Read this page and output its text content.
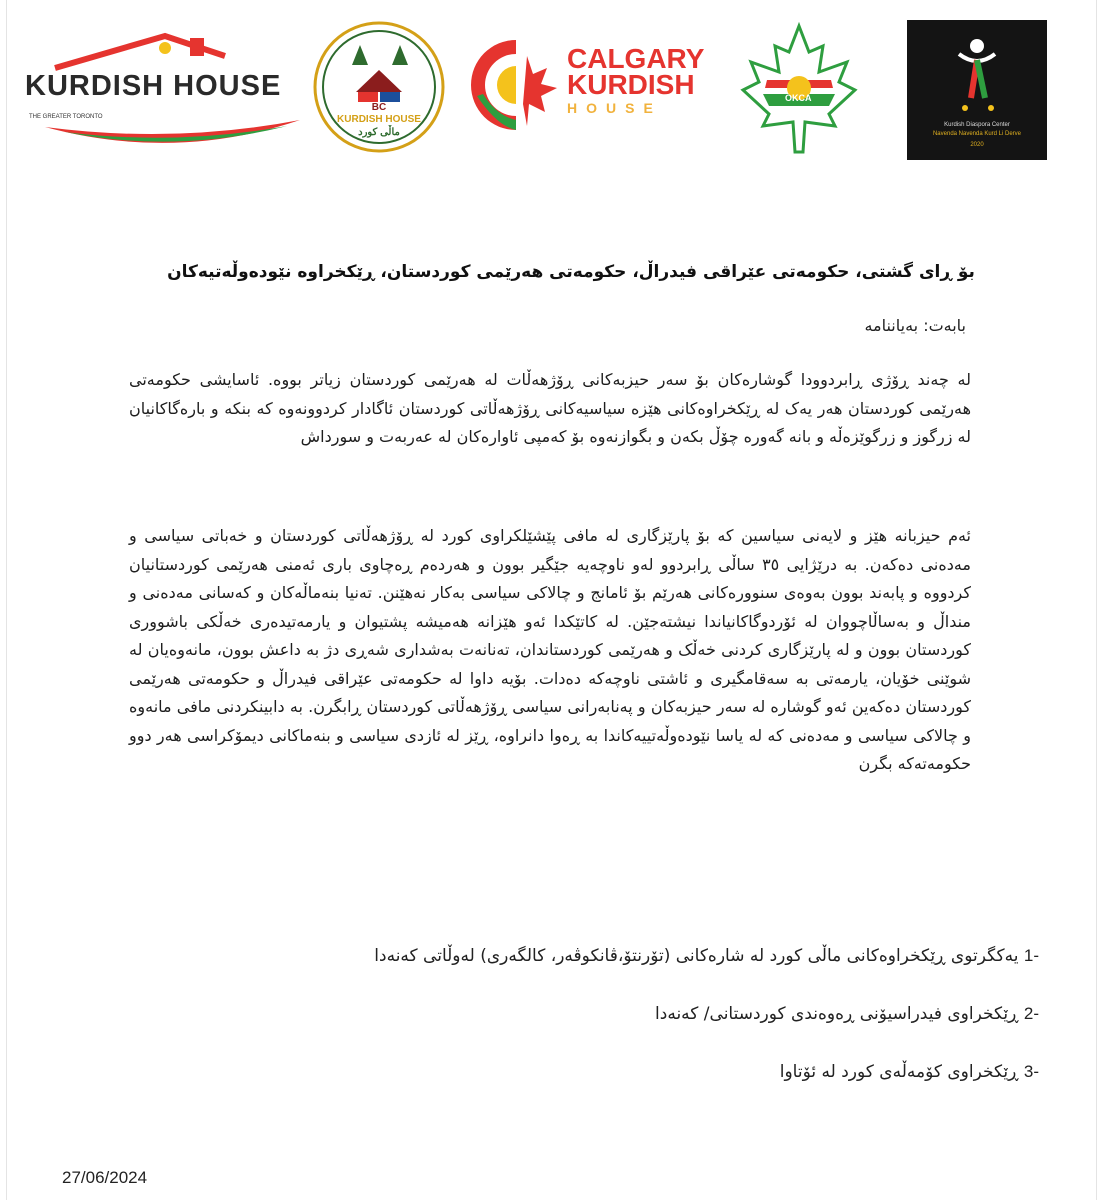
KURDISH HOUSE
THE GREATER TORONTO
BC
KURDISH HOUSE
ماڵی کورد
CALGARY
KURDISH
HOUSE
OKCA
Kurdish Diaspora Center
Navenda Navenda Kurd Li Derve
2020
بۆ ڕای گشتی، حکومەتی عێراقی فیدراڵ، حکومەتی هەرێمی کوردستان، ڕێکخراوە نێودەوڵەتیەکان
بابەت: بەیاننامە
لە چەند ڕۆژی ڕابردوودا گوشارەکان بۆ سەر حیزبەکانی ڕۆژهەڵات لە هەرێمی کوردستان زیاتر بووە. ئاسایشی حکومەتی هەرێمی کوردستان هەر یەک لە ڕێکخراوەکانی هێزە سیاسیەکانی ڕۆژهەڵاتی کوردستان ئاگادار کردوونەوە کە بنکە و بارەگاکانیان لە زرگوز و زرگوێزەڵە و بانە گەورە چۆڵ بکەن و بگوازنەوە بۆ کەمپی ئاوارەکان لە عەربەت و سورداش
ئەم حیزبانە هێز و لایەنی سیاسین کە بۆ پارێزگاری لە مافی پێشێلکراوی کورد لە ڕۆژهەڵاتی کوردستان و خەباتی سیاسی و مەدەنی دەکەن. بە درێژایی ٣٥ ساڵی ڕابردوو لەو ناوچەیە جێگیر بوون و هەردەم ڕەچاوی باری ئەمنی هەرێمی کوردستانیان کردووە و پابەند بوون بەوەی سنوورەکانی هەرێم بۆ ئامانج و چالاکی سیاسی بەکار نەهێنن. تەنیا بنەماڵەکان و کەسانی مەدەنی و منداڵ و بەساڵاچووان لە ئۆردوگاکانیاندا نیشتەجێن. لە کاتێکدا ئەو هێزانە هەمیشە پشتیوان و یارمەتیدەری خەڵکی باشووری کوردستان بوون و لە پارێزگاری کردنی خەڵک و هەرێمی کوردستاندان، تەنانەت بەشداری شەڕی دژ بە داعش بوون، مانەوەیان لە شوێنی خۆیان، یارمەتی بە سەقامگیری و ئاشتی ناوچەکە دەدات. بۆیە داوا لە حکومەتی عێراقی فیدراڵ و حکومەتی هەرێمی کوردستان دەکەین ئەو گوشارە لە سەر حیزبەکان و پەنابەرانی سیاسی ڕۆژهەڵاتی کوردستان ڕابگرن. بە دابینکردنی مافی مانەوە و چالاکی سیاسی و مەدەنی کە لە یاسا نێودەوڵەتییەکاندا بە ڕەوا دانراوە، ڕێز لە ئازدی سیاسی و بنەماکانی دیمۆکراسی هەر دوو حکومەتەکە بگرن
یەکگرتوی ڕێکخراوەکانی ماڵی کورد لە شارەکانی (تۆرنتۆ،ڤانکوڤەر، کالگەری) لەوڵاتی کەنەدا 1-
ڕێکخراوی فیدراسیۆنی ڕەوەندی کوردستانی/ کەنەدا 2-
ڕێکخراوی کۆمەڵەی کورد لە ئۆتاوا 3-
27/06/2024
